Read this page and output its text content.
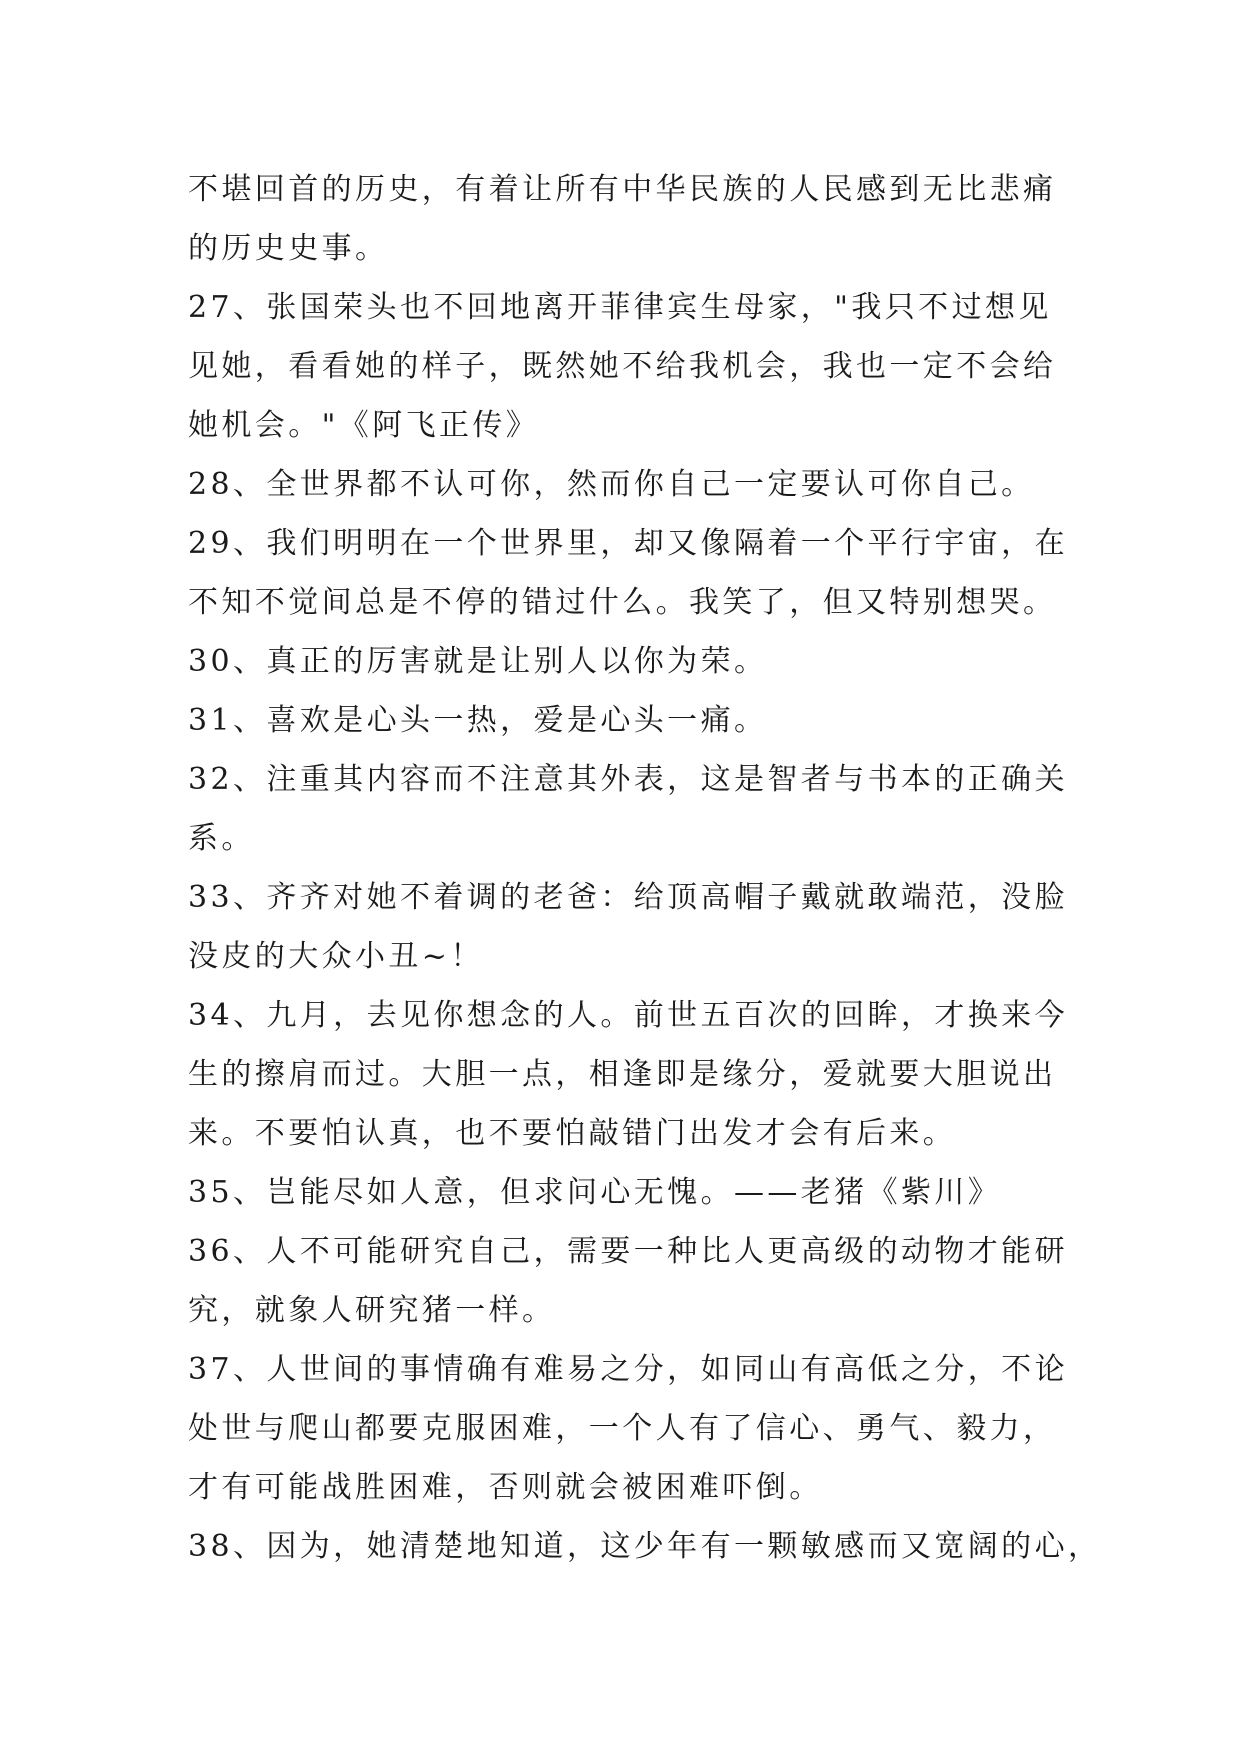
不堪回首的历史，有着让所有中华民族的人民感到无比悲痛
的历史史事。
27、张国荣头也不回地离开菲律宾生母家，"我只不过想见
见她，看看她的样子，既然她不给我机会，我也一定不会给
她机会。"《阿飞正传》
28、全世界都不认可你，然而你自己一定要认可你自己。
29、我们明明在一个世界里，却又像隔着一个平行宇宙，在
不知不觉间总是不停的错过什么。我笑了，但又特别想哭。
30、真正的厉害就是让别人以你为荣。
31、喜欢是心头一热，爱是心头一痛。
32、注重其内容而不注意其外表，这是智者与书本的正确关
系。
33、齐齐对她不着调的老爸：给顶高帽子戴就敢端范，没脸
没皮的大众小丑~！
34、九月，去见你想念的人。前世五百次的回眸，才换来今
生的擦肩而过。大胆一点，相逢即是缘分，爱就要大胆说出
来。不要怕认真，也不要怕敲错门出发才会有后来。
35、岂能尽如人意，但求问心无愧。——老猪《紫川》
36、人不可能研究自己，需要一种比人更高级的动物才能研
究，就象人研究猪一样。
37、人世间的事情确有难易之分，如同山有高低之分，不论
处世与爬山都要克服困难，一个人有了信心、勇气、毅力，
才有可能战胜困难，否则就会被困难吓倒。
38、因为，她清楚地知道，这少年有一颗敏感而又宽阔的心，
